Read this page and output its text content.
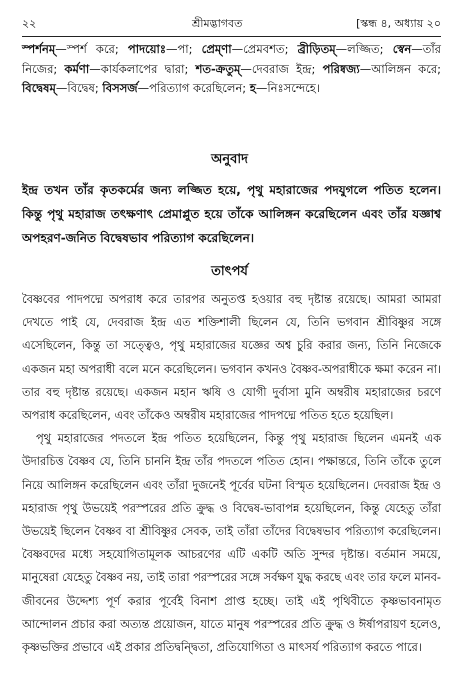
২২	শ্রীমদ্ভাগবত	[স্কন্ধ ৪, অধ্যায় ২০
স্পর্শনম্—স্পর্শ করে; পাদয়োঃ—পা; প্রেম্ণা—প্রেমবশত; ব্রীড়িতম্—লজ্জিত; স্বেন—তাঁর নিজের; কর্মণা—কার্যকলাপের দ্বারা; শত-ক্রতুম্—দেবরাজ ইন্দ্র; পরিষ্বজ্য—আলিঙ্গন করে; বিদ্বেষম্—বিদ্বেষ; বিসসর্জ—পরিত্যাগ করেছিলেন; হ—নিঃসন্দেহে।
অনুবাদ
ইন্দ্র তখন তাঁর কৃতকর্মের জন্য লজ্জিত হয়ে, পৃথু মহারাজের পদযুগলে পতিত হলেন। কিন্তু পৃথু মহারাজ তৎক্ষণাৎ প্রেমাপ্লুত হয়ে তাঁকে আলিঙ্গন করেছিলেন এবং তাঁর যজ্ঞাশ্ব অপহরণ-জনিত বিদ্বেষভাব পরিত্যাগ করেছিলেন।
তাৎপর্য

বৈষ্ণবের পাদপদ্মে অপরাধ করে তারপর অনুতপ্ত হওয়ার বহু দৃষ্টান্ত রয়েছে। আমরা আমরা দেখতে পাই যে, দেবরাজ ইন্দ্র এত শক্তিশালী ছিলেন যে, তিনি ভগবান শ্রীবিষ্ণুর সঙ্গে এসেছিলেন, কিন্তু তা সত্ত্বেও, পৃথু মহারাজের যজ্ঞের অশ্ব চুরি করার জন্য, তিনি নিজেকে একজন মহা অপরাধী বলে মনে করেছিলেন। ভগবান কখনও বৈষ্ণব-অপরাধীকে ক্ষমা করেন না। তার বহু দৃষ্টান্ত রয়েছে। একজন মহান ঋষি ও যোগী দুর্বাসা মুনি অম্বরীষ মহারাজের চরণে অপরাধ করেছিলেন, এবং তাঁকেও অম্বরীষ মহারাজের পাদপদ্মে পতিত হতে হয়েছিল।

পৃথু মহারাজের পদতলে ইন্দ্র পতিত হয়েছিলেন, কিন্তু পৃথু মহারাজ ছিলেন এমনই এক উদারচিত্ত বৈষ্ণব যে, তিনি চাননি ইন্দ্র তাঁর পদতলে পতিত হোন। পক্ষান্তরে, তিনি তাঁকে তুলে নিয়ে আলিঙ্গন করেছিলেন এবং তাঁরা দুজনেই পূর্বের ঘটনা বিস্মৃত হয়েছিলেন। দেবরাজ ইন্দ্র ও মহারাজ পৃথু উভয়েই পরস্পরের প্রতি ক্রুদ্ধ ও বিদ্বেষ-ভাবাপন্ন হয়েছিলেন, কিন্তু যেহেতু তাঁরা উভয়েই ছিলেন বৈষ্ণব বা শ্রীবিষ্ণুর সেবক, তাই তাঁরা তাঁদের বিদ্বেষভাব পরিত্যাগ করেছিলেন। বৈষ্ণবদের মধ্যে সহযোগিতামূলক আচরণের এটি একটি অতি সুন্দর দৃষ্টান্ত। বর্তমান সময়ে, মানুষেরা যেহেতু বৈষ্ণব নয়, তাই তারা পরস্পরের সঙ্গে সর্বক্ষণ যুদ্ধ করছে এবং তার ফলে মানব-জীবনের উদ্দেশ্য পূর্ণ করার পূর্বেই বিনাশ প্রাপ্ত হচ্ছে। তাই এই পৃথিবীতে কৃষ্ণভাবনামৃত আন্দোলন প্রচার করা অত্যন্ত প্রয়োজন, যাতে মানুষ পরস্পরের প্রতি ক্রুদ্ধ ও ঈর্ষাপরায়ণ হলেও, কৃষ্ণভক্তির প্রভাবে এই প্রকার প্রতিদ্বন্দ্বিতা, প্রতিযোগিতা ও মাৎসর্য পরিত্যাগ করতে পারে।
